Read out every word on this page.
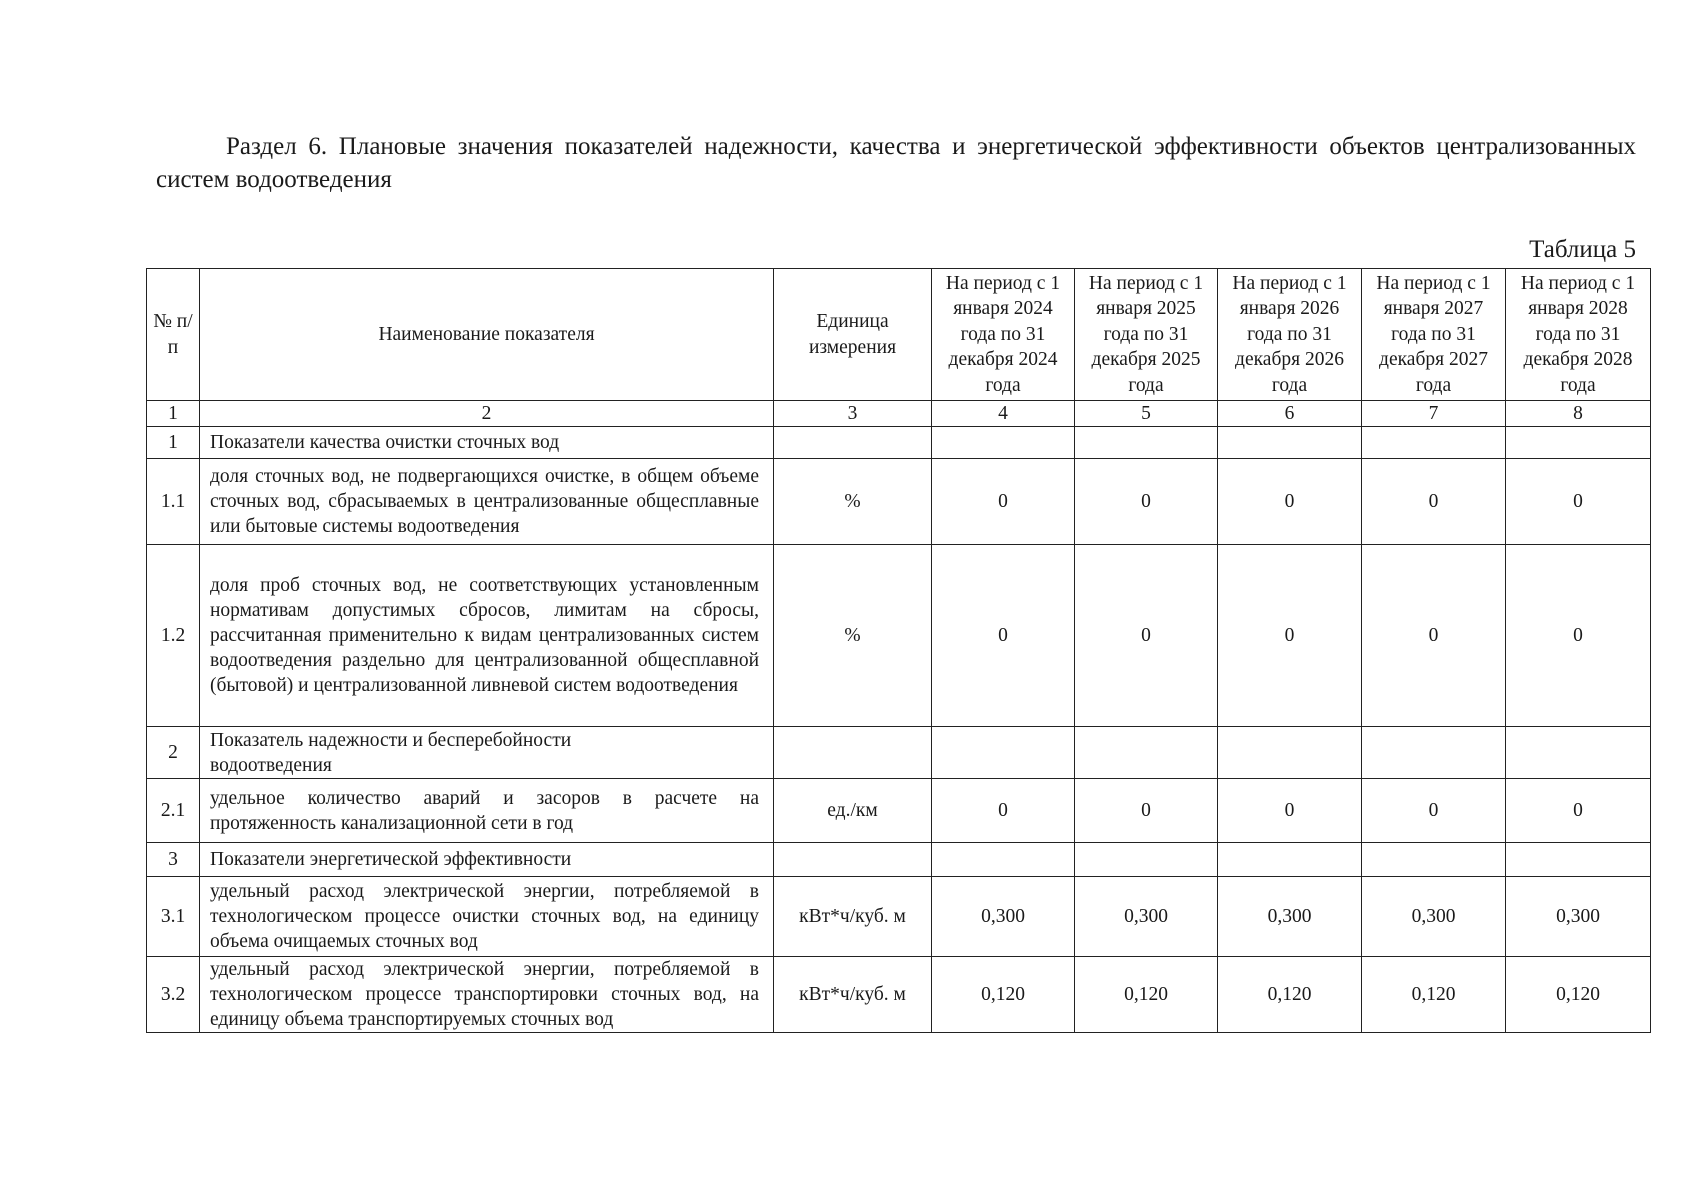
Раздел 6. Плановые значения показателей надежности, качества и энергетической эффективности объектов централизованных систем водоотведения
Таблица 5
№ п/п	Наименование показателя	Единица измерения	На период с 1 января 2024 года по 31 декабря 2024 года	На период с 1 января 2025 года по 31 декабря 2025 года	На период с 1 января 2026 года по 31 декабря 2026 года	На период с 1 января 2027 года по 31 декабря 2027 года	На период с 1 января 2028 года по 31 декабря 2028 года
1	2	3	4	5	6	7	8
1	Показатели качества очистки сточных вод						
1.1	доля сточных вод, не подвергающихся очистке, в общем объеме сточных вод, сбрасываемых в централизованные общесплавные или бытовые системы водоотведения	%	0	0	0	0	0
1.2	доля проб сточных вод, не соответствующих установленным нормативам допустимых сбросов, лимитам на сбросы, рассчитанная применительно к видам централизованных систем водоотведения раздельно для централизованной общесплавной (бытовой) и централизованной ливневой систем водоотведения	%	0	0	0	0	0
2	Показатель надежности и бесперебойности водоотведения						
2.1	удельное количество аварий и засоров в расчете на протяженность канализационной сети в год	ед./км	0	0	0	0	0
3	Показатели энергетической эффективности						
3.1	удельный расход электрической энергии, потребляемой в технологическом процессе очистки сточных вод, на единицу объема очищаемых сточных вод	кВт*ч/куб. м	0,300	0,300	0,300	0,300	0,300
3.2	удельный расход электрической энергии, потребляемой в технологическом процессе транспортировки сточных вод, на единицу объема транспортируемых сточных вод	кВт*ч/куб. м	0,120	0,120	0,120	0,120	0,120
